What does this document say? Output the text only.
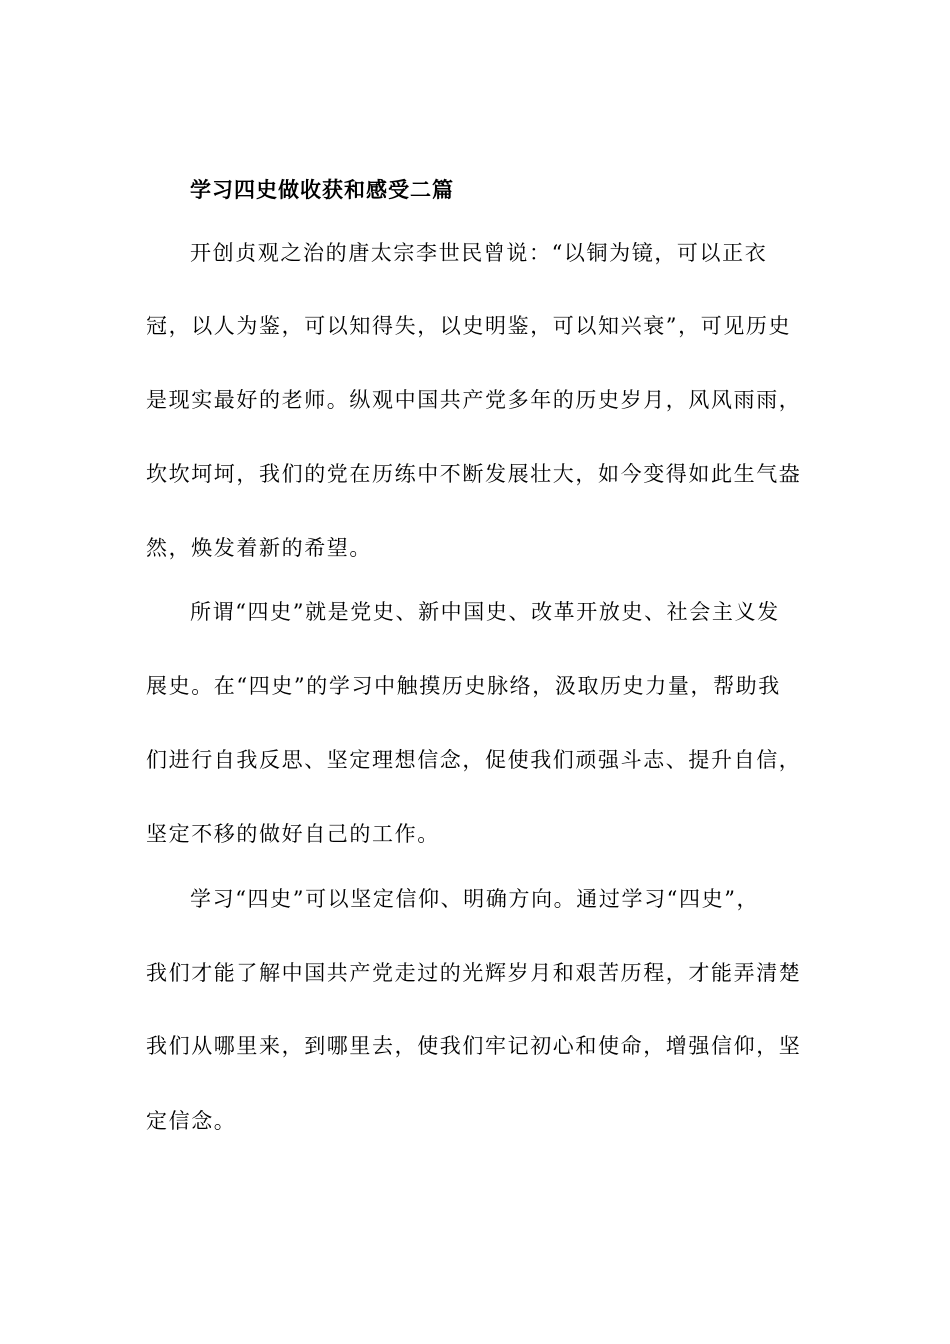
学习四史做收获和感受二篇
开创贞观之治的唐太宗李世民曾说：“以铜为镜，可以正衣
冠，以人为鉴，可以知得失，以史明鉴，可以知兴衰”，可见历史
是现实最好的老师。纵观中国共产党多年的历史岁月，风风雨雨，
坎坎坷坷，我们的党在历练中不断发展壮大，如今变得如此生气盎
然，焕发着新的希望。
所谓“四史”就是党史、新中国史、改革开放史、社会主义发
展史。在“四史”的学习中触摸历史脉络，汲取历史力量，帮助我
们进行自我反思、坚定理想信念，促使我们顽强斗志、提升自信，
坚定不移的做好自己的工作。
学习“四史”可以坚定信仰、明确方向。通过学习“四史”，
我们才能了解中国共产党走过的光辉岁月和艰苦历程，才能弄清楚
我们从哪里来，到哪里去，使我们牢记初心和使命，增强信仰，坚
定信念。
